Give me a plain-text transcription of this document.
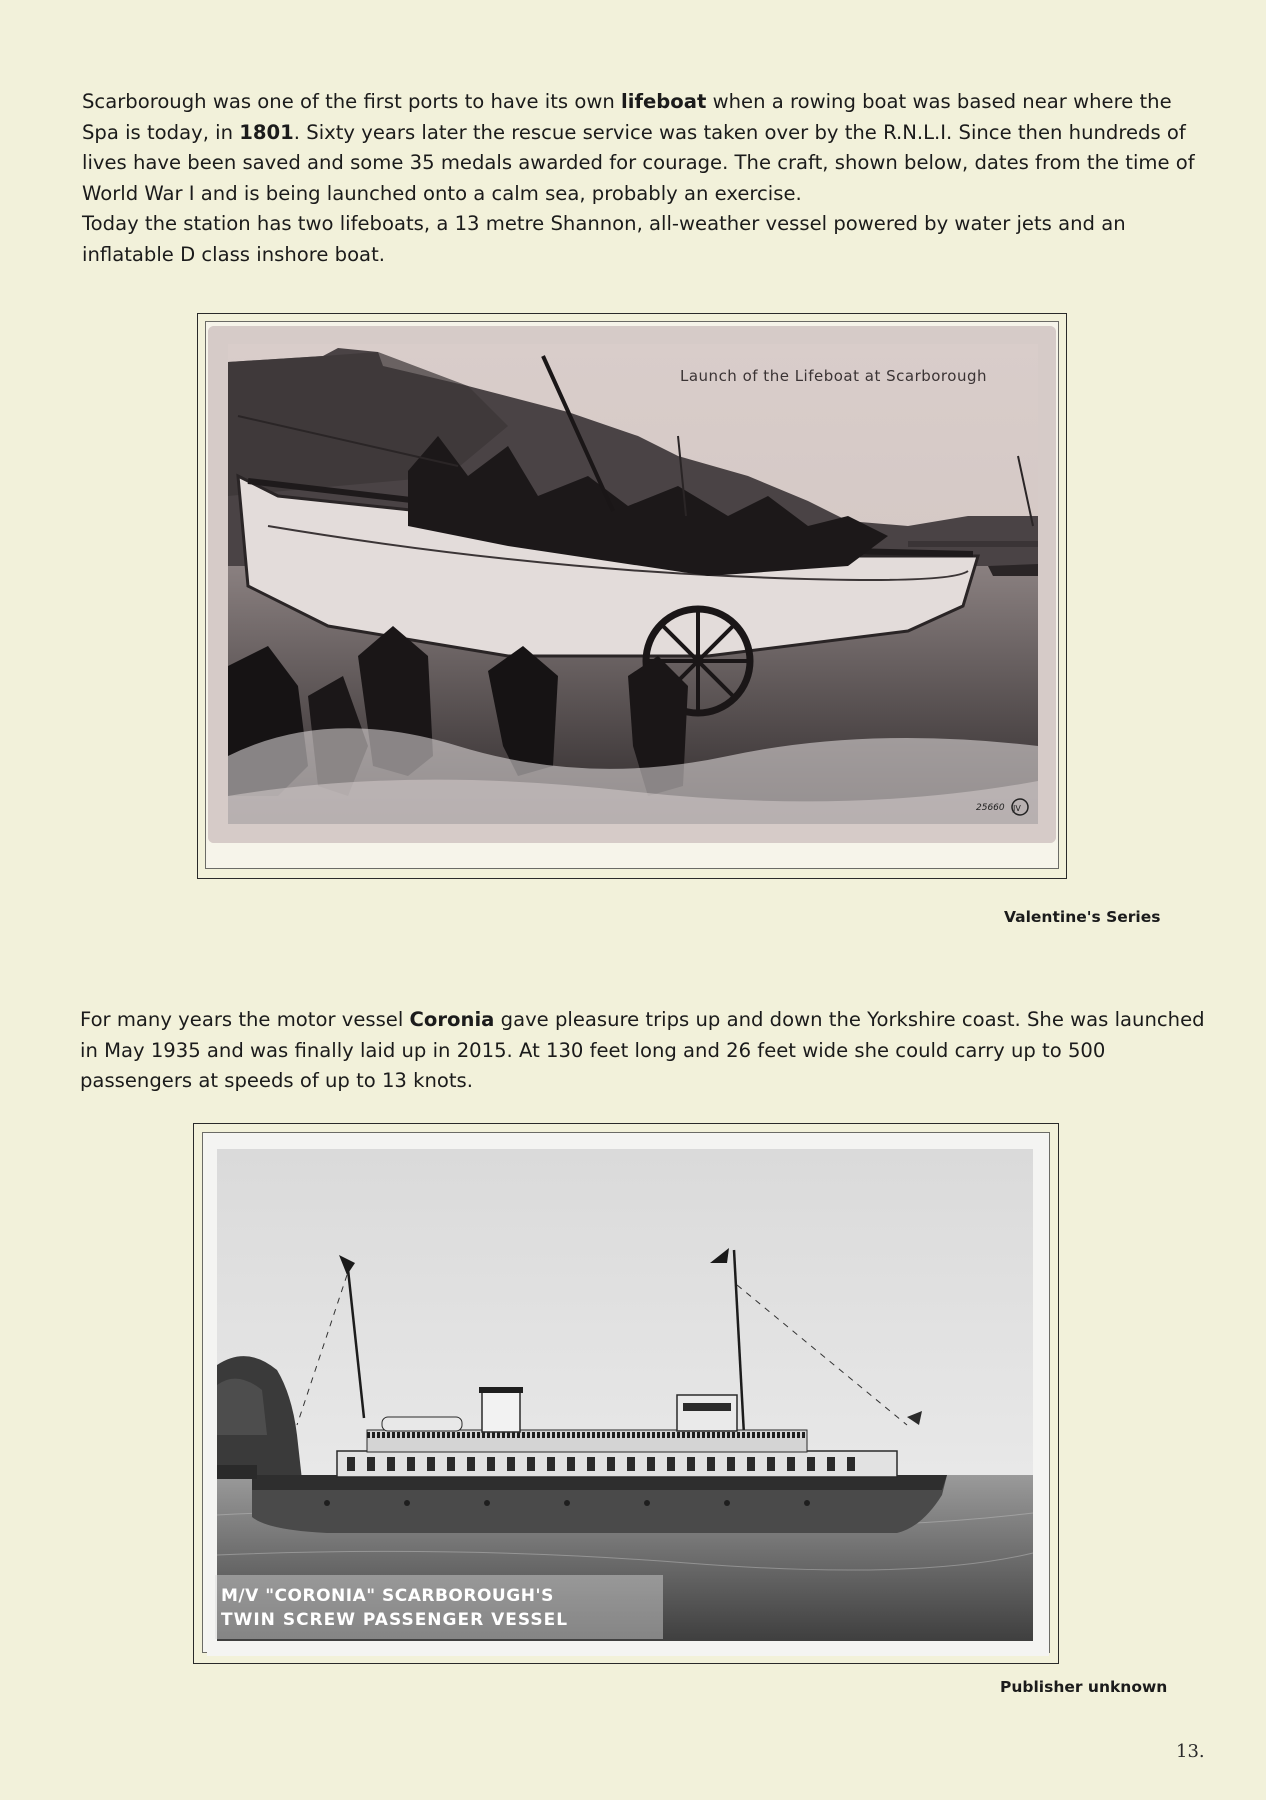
Scarborough was one of the first ports to have its own lifeboat when a rowing boat was based near where the
Spa is today, in 1801. Sixty years later the rescue service was taken over by the R.N.L.I. Since then hundreds of
lives have been saved and some 35 medals awarded for courage. The craft, shown below, dates from the time of
World War I and is being launched onto a calm sea, probably an exercise.
Today the station has two lifeboats, a 13 metre Shannon, all-weather vessel powered by water jets and an
inflatable D class inshore boat.
Launch of the Lifeboat at Scarborough
25660 JV
Valentine's Series
For many years the motor vessel Coronia gave pleasure trips up and down the Yorkshire coast. She was launched
in May 1935 and was finally laid up in 2015. At 130 feet long and 26 feet wide she could carry up to 500
passengers at speeds of up to 13 knots.
M/V "CORONIA" SCARBOROUGH'S
TWIN SCREW PASSENGER VESSEL
Publisher unknown
13.
